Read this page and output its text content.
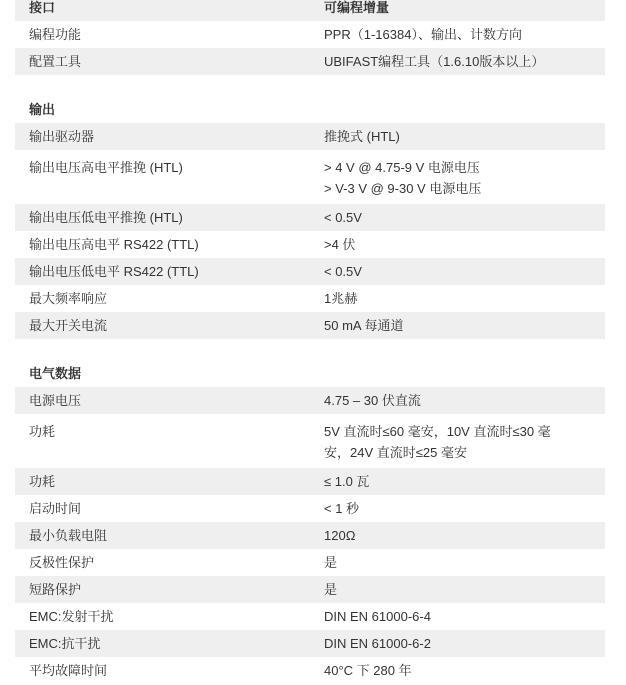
接口	可编程增量
编程功能	PPR（1-16384）、输出、计数方向
配置工具	UBIFAST编程工具（1.6.10版本以上）
输出
输出驱动器	推挽式 (HTL)
输出电压高电平推挽 (HTL)	> 4 V @ 4.75-9 V 电源电压
> V-3 V @ 9-30 V 电源电压
输出电压低电平推挽 (HTL)	< 0.5V
输出电压高电平 RS422 (TTL)	>4 伏
输出电压低电平 RS422 (TTL)	< 0.5V
最大频率响应	1兆赫
最大开关电流	50 mA 每通道
电气数据
电源电压	4.75 – 30 伏直流
功耗	5V 直流时≤60 毫安，10V 直流时≤30 毫
安，24V 直流时≤25 毫安
功耗	≤ 1.0 瓦
启动时间	< 1 秒
最小负载电阻	120Ω
反极性保护	是
短路保护	是
EMC:发射干扰	DIN EN 61000-6-4
EMC:抗干扰	DIN EN 61000-6-2
平均故障时间	40°C 下 280 年
